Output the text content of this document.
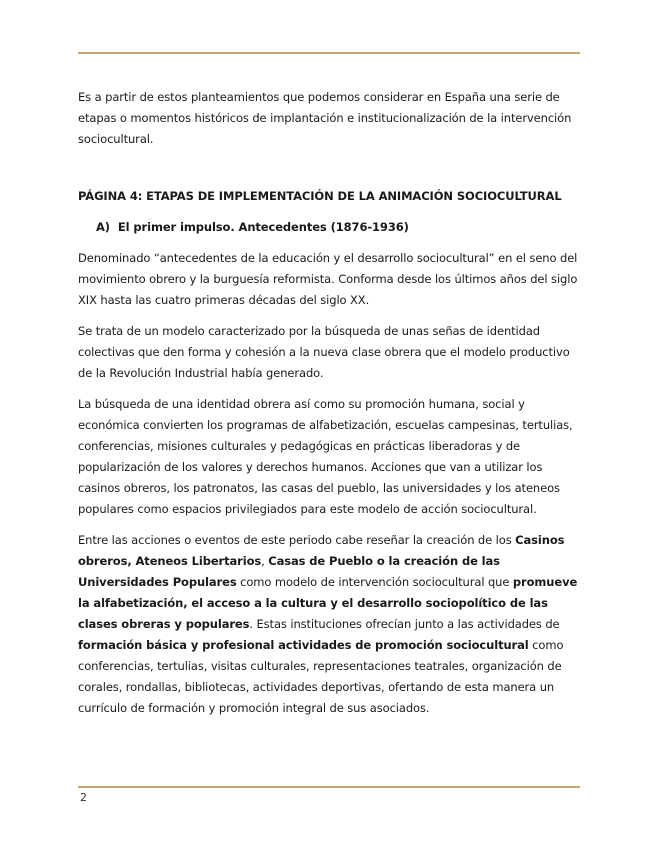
Es a partir de estos planteamientos que podemos considerar en España una serie de etapas o momentos históricos de implantación e institucionalización de la intervención sociocultural.

PÁGINA 4: ETAPAS DE IMPLEMENTACIÓN DE LA ANIMACIÓN SOCIOCULTURAL

A) El primer impulso. Antecedentes (1876-1936)

Denominado “antecedentes de la educación y el desarrollo sociocultural” en el seno del movimiento obrero y la burguesía reformista. Conforma desde los últimos años del siglo XIX hasta las cuatro primeras décadas del siglo XX.

Se trata de un modelo caracterizado por la búsqueda de unas señas de identidad colectivas que den forma y cohesión a la nueva clase obrera que el modelo productivo de la Revolución Industrial había generado.

La búsqueda de una identidad obrera así como su promoción humana, social y económica convierten los programas de alfabetización, escuelas campesinas, tertulias, conferencias, misiones culturales y pedagógicas en prácticas liberadoras y de popularización de los valores y derechos humanos. Acciones que van a utilizar los casinos obreros, los patronatos, las casas del pueblo, las universidades y los ateneos populares como espacios privilegiados para este modelo de acción sociocultural.

Entre las acciones o eventos de este periodo cabe reseñar la creación de los Casinos obreros, Ateneos Libertarios, Casas de Pueblo o la creación de las Universidades Populares como modelo de intervención sociocultural que promueve la alfabetización, el acceso a la cultura y el desarrollo sociopolítico de las clases obreras y populares. Estas instituciones ofrecían junto a las actividades de formación básica y profesional actividades de promoción sociocultural como conferencias, tertulias, visitas culturales, representaciones teatrales, organización de corales, rondallas, bibliotecas, actividades deportivas, ofertando de esta manera un currículo de formación y promoción integral de sus asociados.

2
